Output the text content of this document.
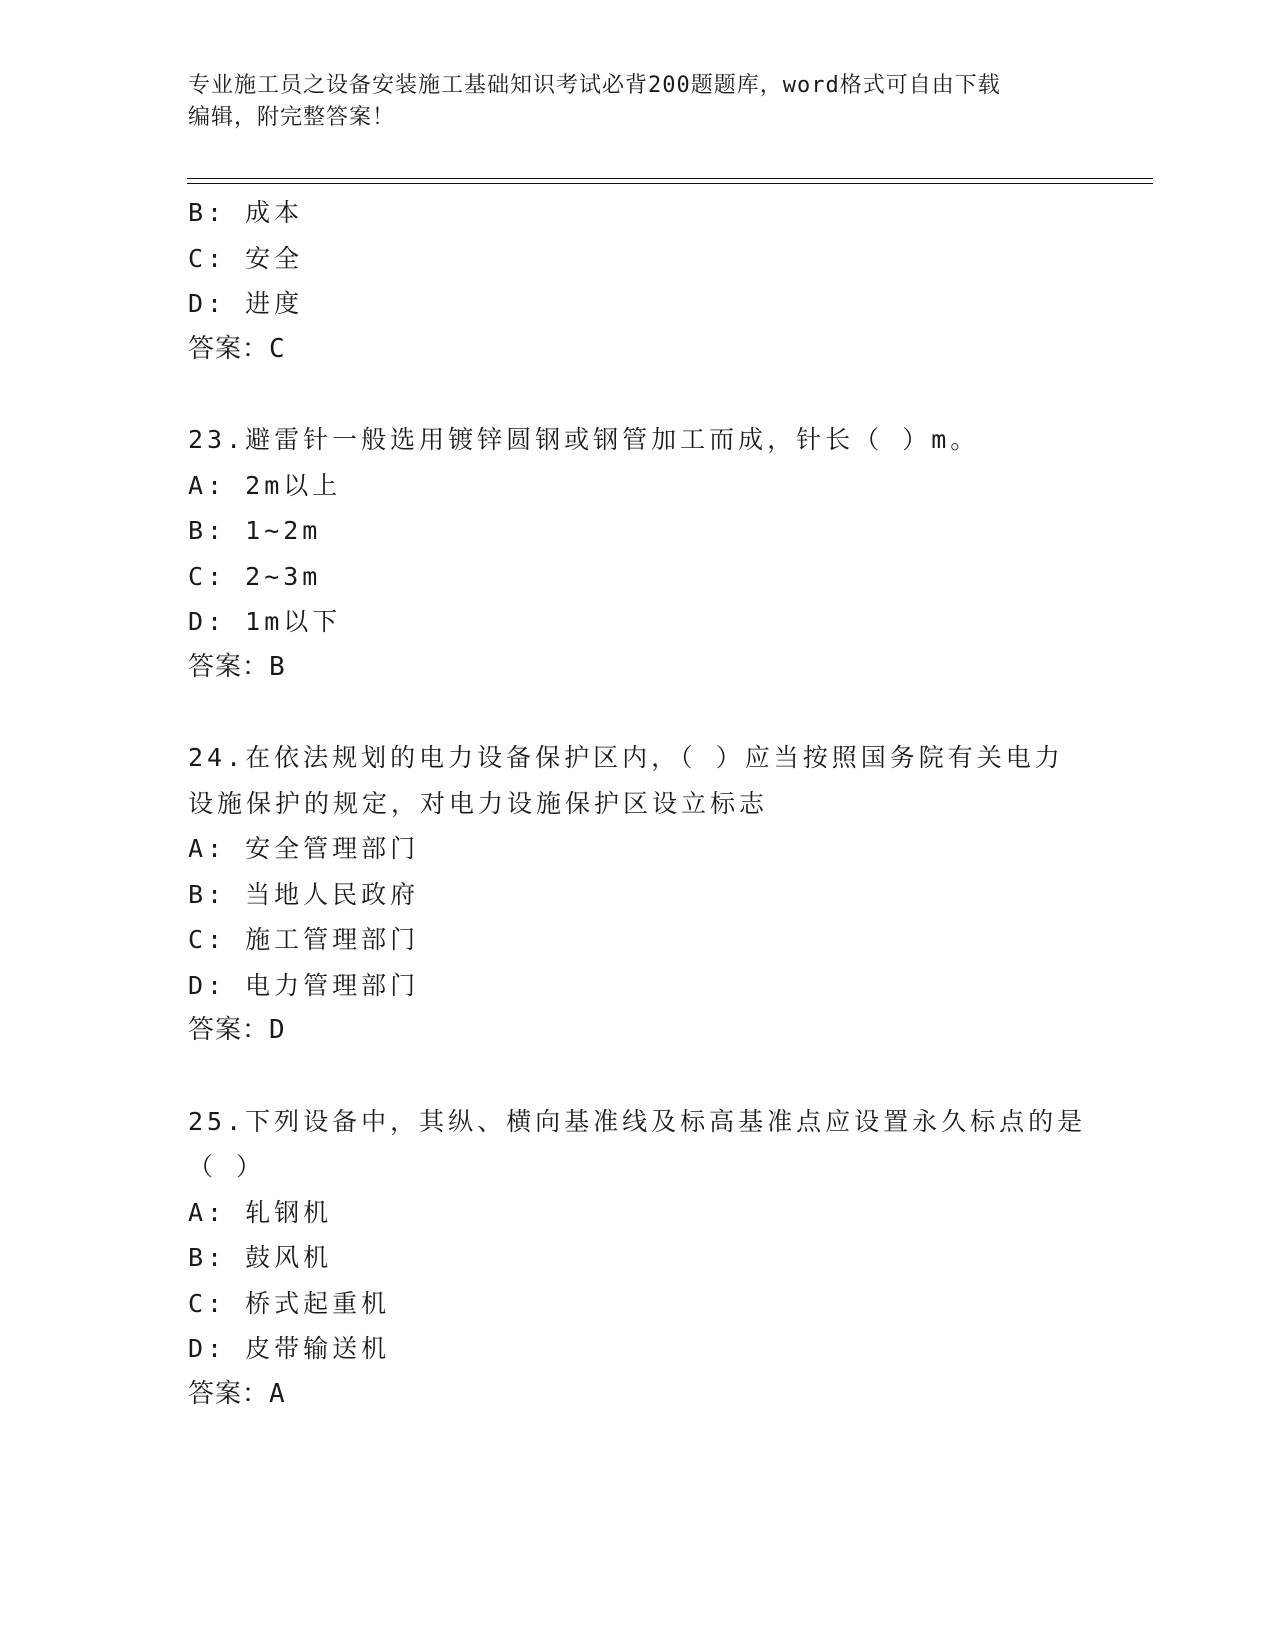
专业施工员之设备安装施工基础知识考试必背200题题库，word格式可自由下载
编辑，附完整答案！
B: 成本
C: 安全
D: 进度
答案：C
23.避雷针一般选用镀锌圆钢或钢管加工而成，针长（ ）m。
A: 2m以上
B: 1~2m
C: 2~3m
D: 1m以下
答案：B
24.在依法规划的电力设备保护区内，（ ）应当按照国务院有关电力
设施保护的规定，对电力设施保护区设立标志
A: 安全管理部门
B: 当地人民政府
C: 施工管理部门
D: 电力管理部门
答案：D
25.下列设备中，其纵、横向基准线及标高基准点应设置永久标点的是
（ ）
A: 轧钢机
B: 鼓风机
C: 桥式起重机
D: 皮带输送机
答案：A
